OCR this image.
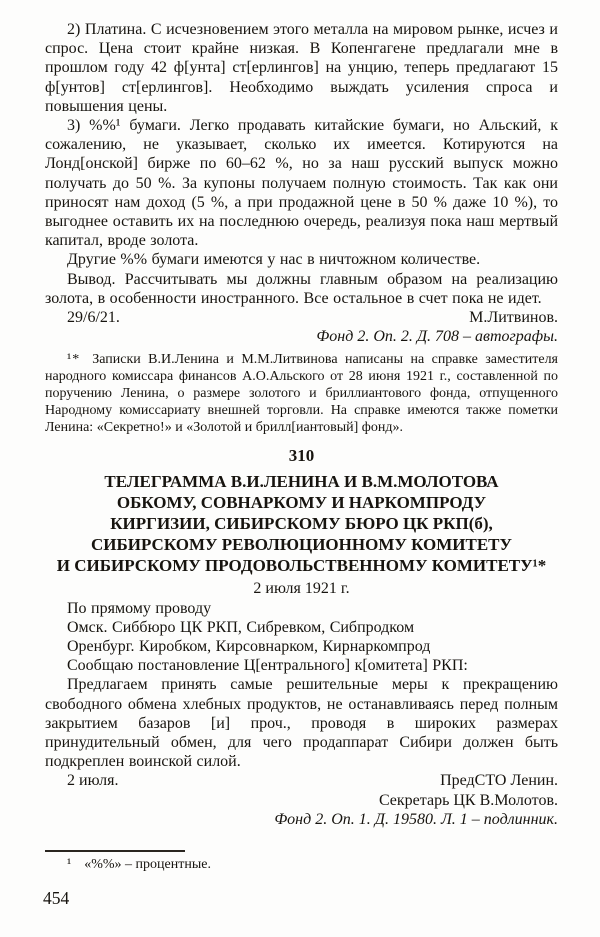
2) Платина. С исчезновением этого металла на мировом рынке, исчез и спрос. Цена стоит крайне низкая. В Копенгагене предлагали мне в прошлом году 42 ф[унта] ст[ерлингов] на унцию, теперь предлагают 15 ф[унтов] ст[ерлингов]. Необходимо выждать усиления спроса и повышения цены.

3) %%¹ бумаги. Легко продавать китайские бумаги, но Альский, к сожалению, не указывает, сколько их имеется. Котируются на Лонд[онской] бирже по 60–62 %, но за наш русский выпуск можно получать до 50 %. За купоны получаем полную стоимость. Так как они приносят нам доход (5 %, а при продажной цене в 50 % даже 10 %), то выгоднее оставить их на последнюю очередь, реализуя пока наш мертвый капитал, вроде золота.

Другие %% бумаги имеются у нас в ничтожном количестве.

Вывод. Рассчитывать мы должны главным образом на реализацию золота, в особенности иностранного. Все остальное в счет пока не идет.

29/6/21.	М.Литвинов.

Фонд 2. Оп. 2. Д. 708 – автографы.

¹* Записки В.И.Ленина и М.М.Литвинова написаны на справке заместителя народного комиссара финансов А.О.Альского от 28 июня 1921 г., составленной по поручению Ленина, о размере золотого и бриллиантового фонда, отпущенного Народному комиссариату внешней торговли. На справке имеются также пометки Ленина: «Секретно!» и «Золотой и брилл[иантовый] фонд».

310

ТЕЛЕГРАММА В.И.ЛЕНИНА И В.М.МОЛОТОВА
ОБКОМУ, СОВНАРКОМУ И НАРКОМПРОДУ
КИРГИЗИИ, СИБИРСКОМУ БЮРО ЦК РКП(б),
СИБИРСКОМУ РЕВОЛЮЦИОННОМУ КОМИТЕТУ
И СИБИРСКОМУ ПРОДОВОЛЬСТВЕННОМУ КОМИТЕТУ¹*

2 июля 1921 г.

По прямому проводу

Омск. Сиббюро ЦК РКП, Сибревком, Сибпродком

Оренбург. Киробком, Кирсовнарком, Кирнаркомпрод

Сообщаю постановление Ц[ентрального] к[омитета] РКП:

Предлагаем принять самые решительные меры к прекращению свободного обмена хлебных продуктов, не останавливаясь перед полным закрытием базаров [и] проч., проводя в широких размерах принудительный обмен, для чего продаппарат Сибири должен быть подкреплен воинской силой.

2 июля.	ПредСТО Ленин.

Секретарь ЦК В.Молотов.

Фонд 2. Оп. 1. Д. 19580. Л. 1 – подлинник.

¹ «%%» – процентные.

454
